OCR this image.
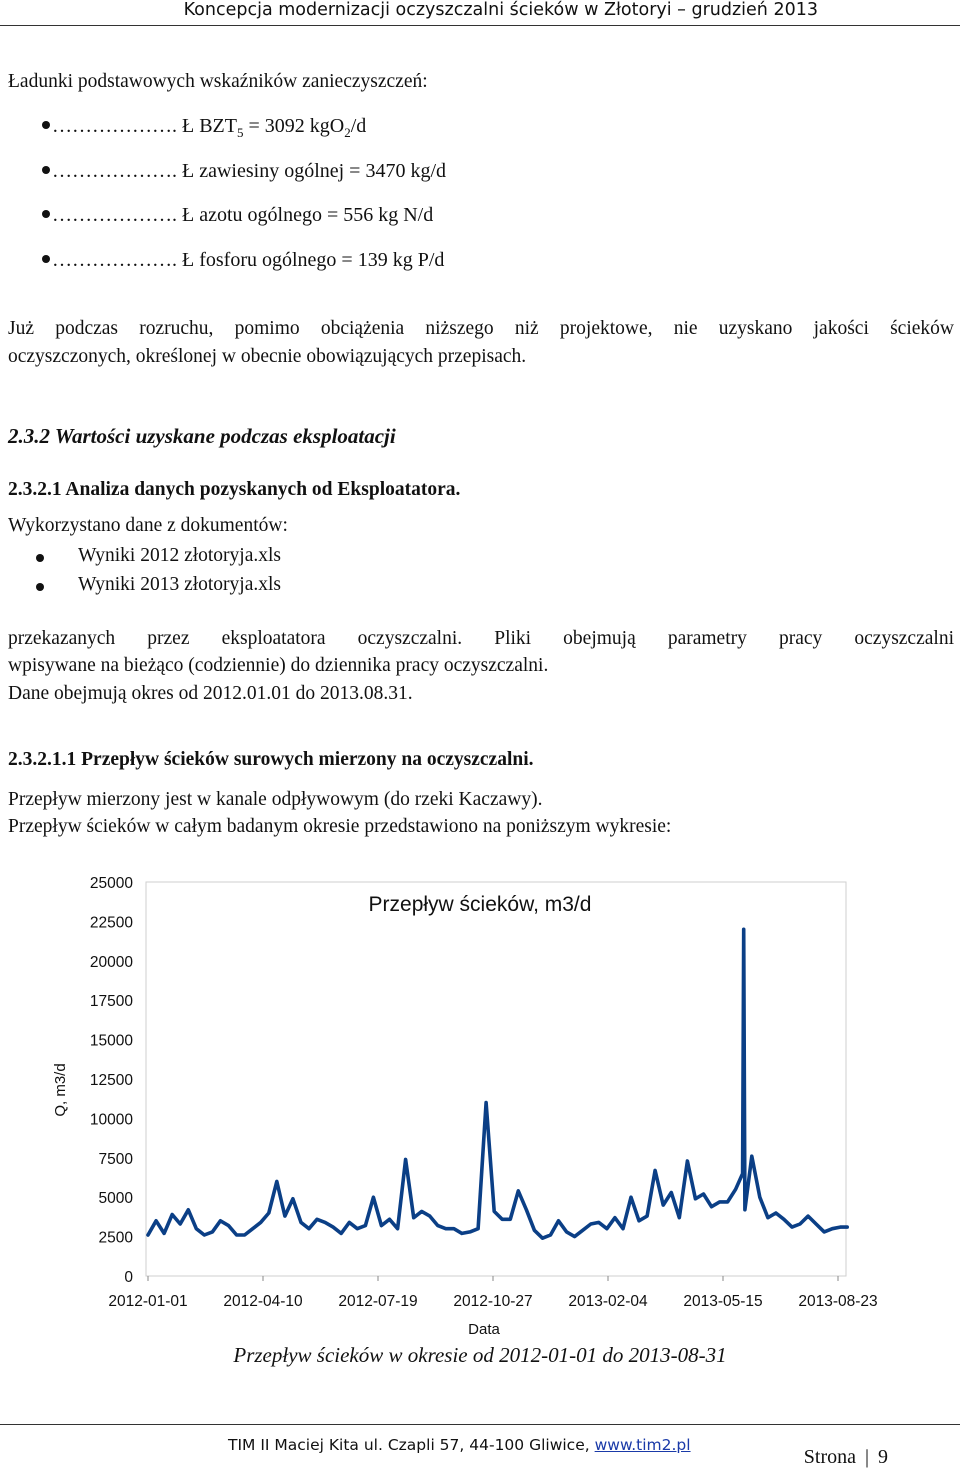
Koncepcja modernizacji oczyszczalni ścieków w Złotoryi – grudzień 2013
Ładunki podstawowych wskaźników zanieczyszczeń:
………………. Ł $BZT_5 = 3092$ kgO$_2$/d
………………. Ł zawiesiny ogólnej = 3470 kg/d
………………. Ł azotu ogólnego = 556 kg N/d
………………. Ł fosforu ogólnego = 139 kg P/d
Już podczas rozruchu, pomimo obciążenia niższego niż projektowe, nie uzyskano jakości ścieków
oczyszczonych, określonej w obecnie obowiązujących przepisach.
2.3.2 Wartości uzyskane podczas eksploatacji
2.3.2.1 Analiza danych pozyskanych od Eksploatatora.
Wykorzystano dane z dokumentów:
Wyniki 2012 złotoryja.xls
Wyniki 2013 złotoryja.xls
przekazanych przez eksploatatora oczyszczalni. Pliki obejmują parametry pracy oczyszczalni
wpisywane na bieżąco (codziennie) do dziennika pracy oczyszczalni.
Dane obejmują okres od 2012.01.01 do 2013.08.31.
2.3.2.1.1 Przepływ ścieków surowych mierzony na oczyszczalni.
Przepływ mierzony jest w kanale odpływowym (do rzeki Kaczawy).
Przepływ ścieków w całym badanym okresie przedstawiono na poniższym wykresie:
Przepływ ścieków, m3/d
Q, m3/d
Data
0
2500
5000
7500
10000
12500
15000
17500
20000
22500
25000
2012-01-01 2012-04-10 2012-07-19 2012-10-27 2013-02-04 2013-05-15 2013-08-23
Przepływ ścieków w okresie od 2012-01-01 do 2013-08-31
TIM II Maciej Kita ul. Czapli 57, 44-100 Gliwice, www.tim2.pl
Strona | 9
